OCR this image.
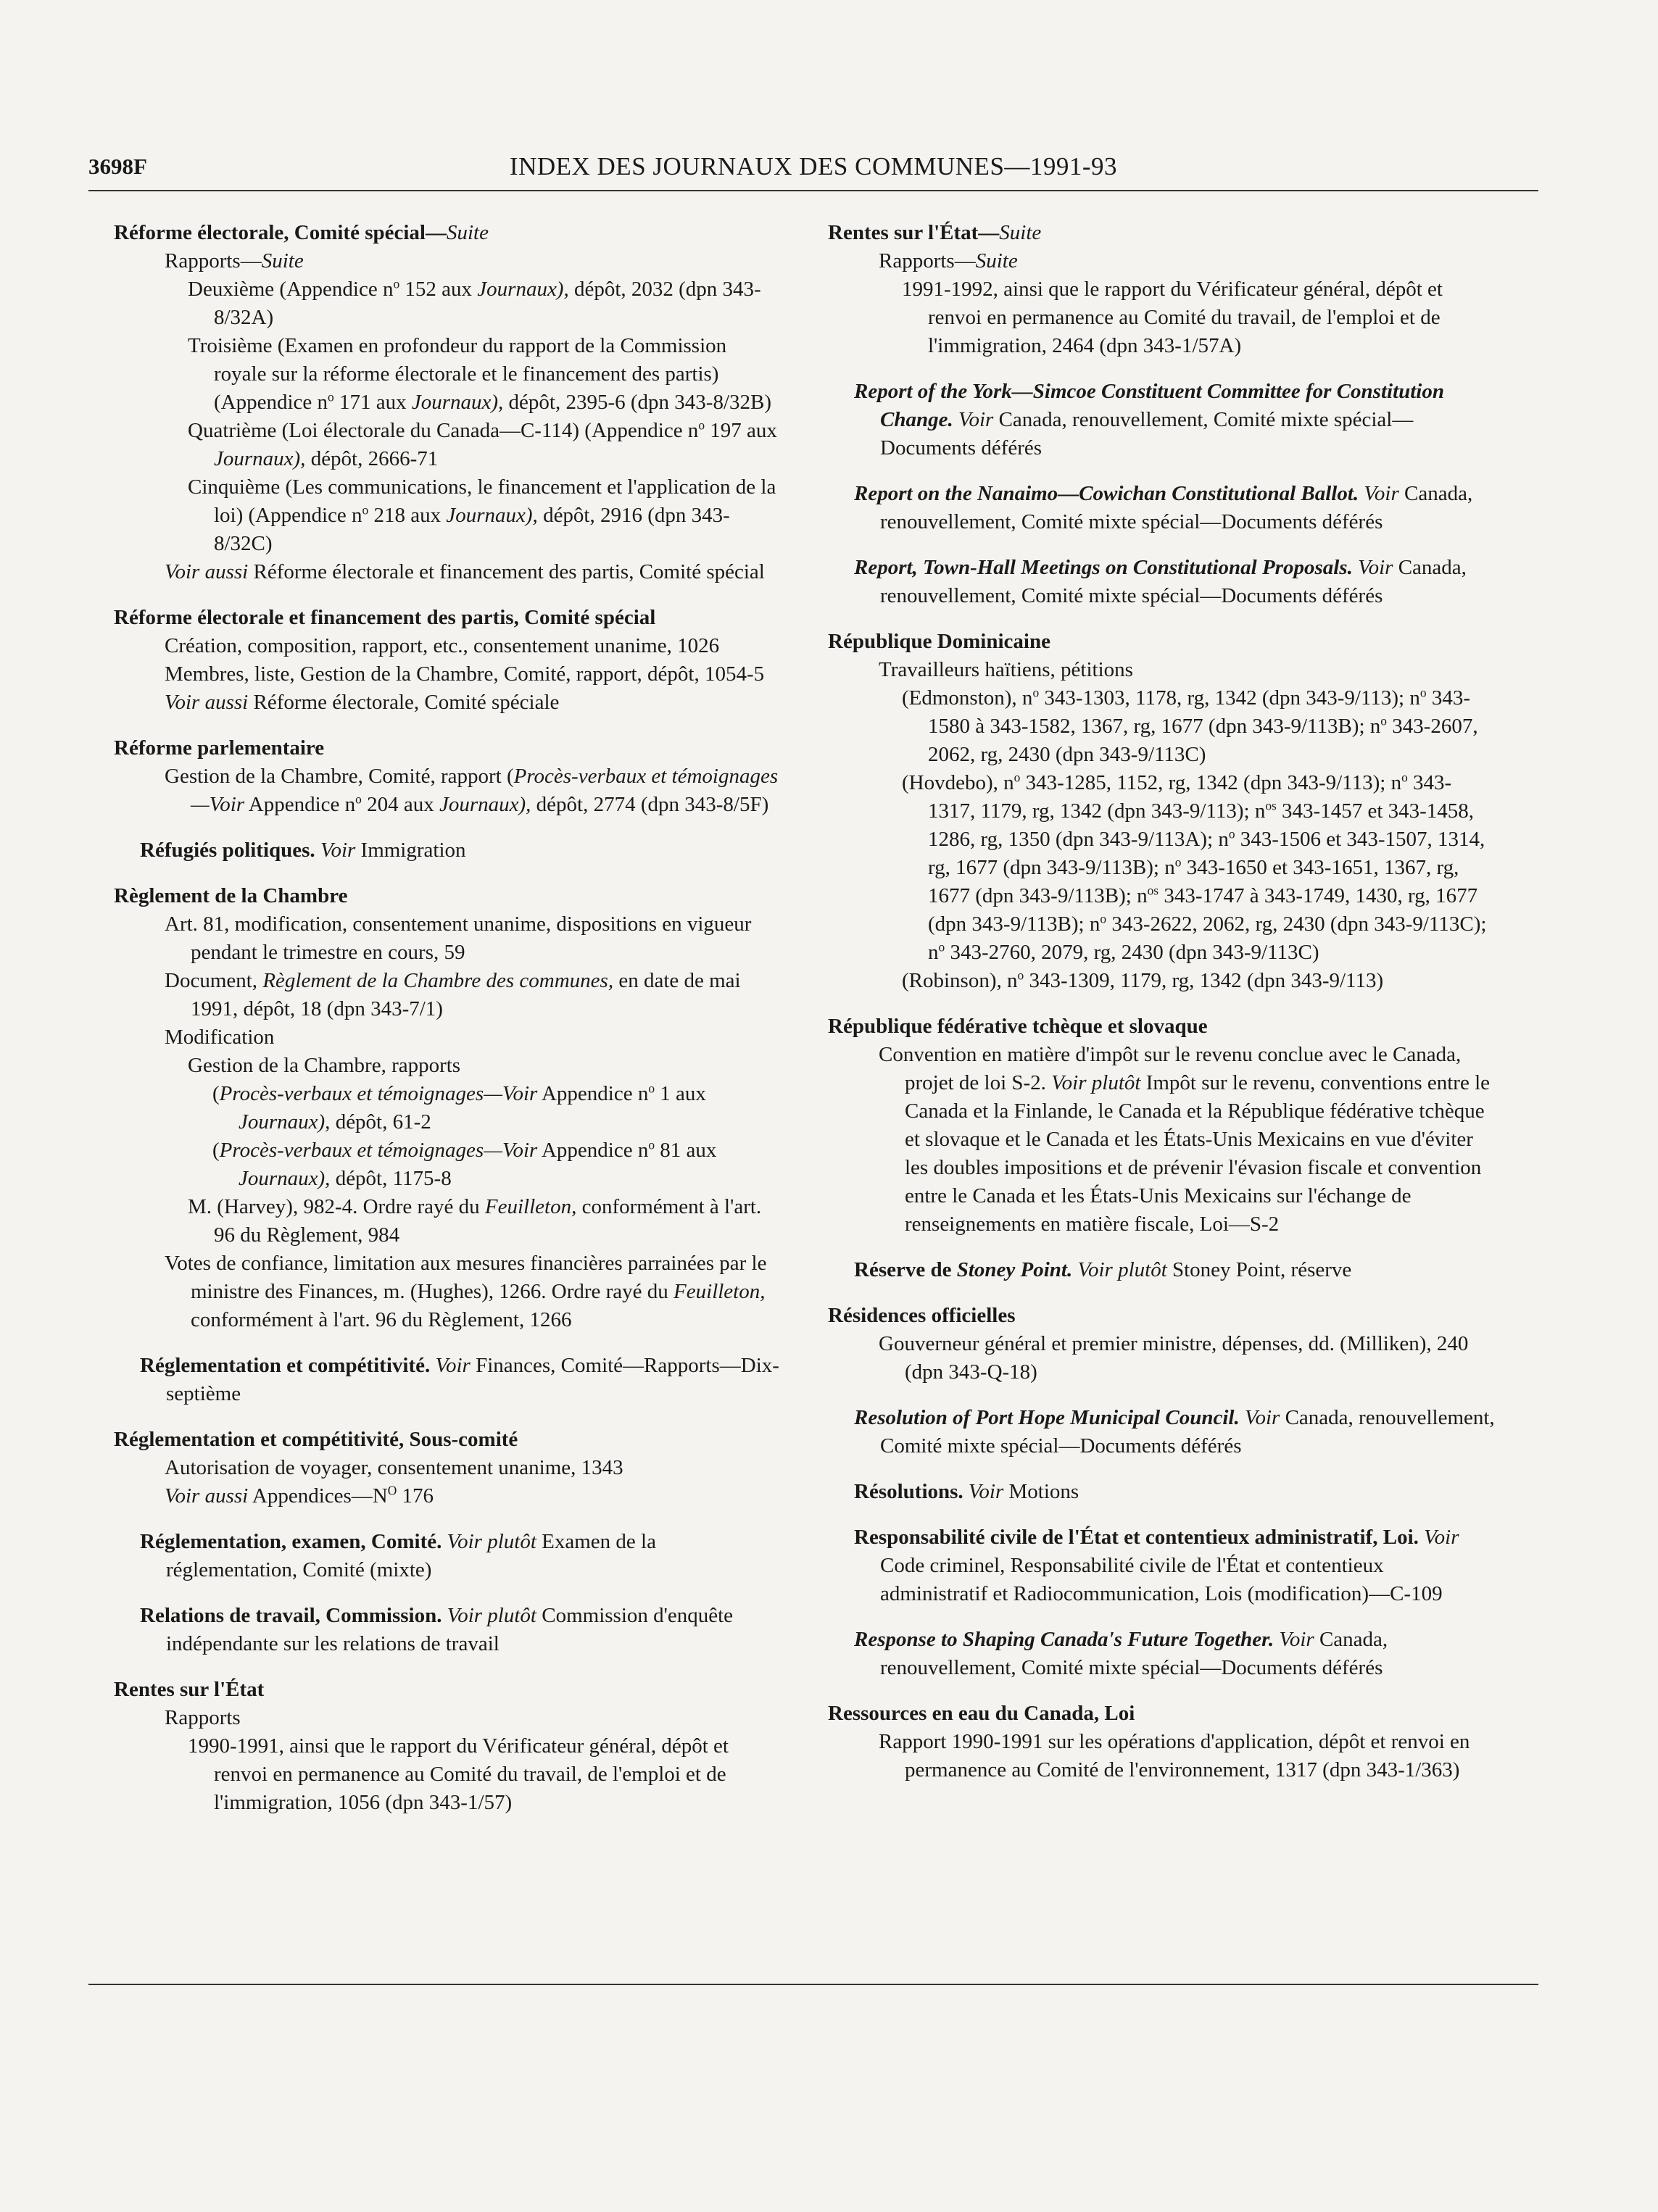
3698F	INDEX DES JOURNAUX DES COMMUNES—1991-93
Réforme électorale, Comité spécial—Suite
Rapports—Suite
Deuxième (Appendice $n^o$ 152 aux Journaux), dépôt, 2032 (dpn 343-8/32A)
Troisième (Examen en profondeur du rapport de la Commission royale sur la réforme électorale et le financement des partis) (Appendice $n^o$ 171 aux Journaux), dépôt, 2395-6 (dpn 343-8/32B)
Quatrième (Loi électorale du Canada—C-114) (Appendice $n^o$ 197 aux Journaux), dépôt, 2666-71
Cinquième (Les communications, le financement et l'application de la loi) (Appendice $n^o$ 218 aux Journaux), dépôt, 2916 (dpn 343-8/32C)
Voir aussi Réforme électorale et financement des partis, Comité spécial
Réforme électorale et financement des partis, Comité spécial
Création, composition, rapport, etc., consentement unanime, 1026
Membres, liste, Gestion de la Chambre, Comité, rapport, dépôt, 1054-5
Voir aussi Réforme électorale, Comité spéciale
Réforme parlementaire
Gestion de la Chambre, Comité, rapport (Procès-verbaux et témoignages—Voir Appendice $n^o$ 204 aux Journaux), dépôt, 2774 (dpn 343-8/5F)
Réfugiés politiques. Voir Immigration
Règlement de la Chambre
Art. 81, modification, consentement unanime, dispositions en vigueur pendant le trimestre en cours, 59
Document, Règlement de la Chambre des communes, en date de mai 1991, dépôt, 18 (dpn 343-7/1)
Modification
Gestion de la Chambre, rapports
(Procès-verbaux et témoignages—Voir Appendice $n^o$ 1 aux Journaux), dépôt, 61-2
(Procès-verbaux et témoignages—Voir Appendice $n^o$ 81 aux Journaux), dépôt, 1175-8
M. (Harvey), 982-4. Ordre rayé du Feuilleton, conformément à l'art. 96 du Règlement, 984
Votes de confiance, limitation aux mesures financières parrainées par le ministre des Finances, m. (Hughes), 1266. Ordre rayé du Feuilleton, conformément à l'art. 96 du Règlement, 1266
Réglementation et compétitivité. Voir Finances, Comité—Rapports—Dix-septième
Réglementation et compétitivité, Sous-comité
Autorisation de voyager, consentement unanime, 1343
Voir aussi $Appendices—N^O$ 176
Réglementation, examen, Comité. Voir plutôt Examen de la réglementation, Comité (mixte)
Relations de travail, Commission. Voir plutôt Commission d'enquête indépendante sur les relations de travail
Rentes sur l'État
Rapports
1990-1991, ainsi que le rapport du Vérificateur général, dépôt et renvoi en permanence au Comité du travail, de l'emploi et de l'immigration, 1056 (dpn 343-1/57)
Rentes sur l'État—Suite
Rapports—Suite
1991-1992, ainsi que le rapport du Vérificateur général, dépôt et renvoi en permanence au Comité du travail, de l'emploi et de l'immigration, 2464 (dpn 343-1/57A)
Report of the York—Simcoe Constituent Committee for Constitution Change. Voir Canada, renouvellement, Comité mixte spécial—Documents déférés
Report on the Nanaimo—Cowichan Constitutional Ballot. Voir Canada, renouvellement, Comité mixte spécial—Documents déférés
Report, Town-Hall Meetings on Constitutional Proposals. Voir Canada, renouvellement, Comité mixte spécial—Documents déférés
République Dominicaine
Travailleurs haïtiens, pétitions
(Edmonston), $n^o$ 343-1303, 1178, rg, 1342 (dpn 343-9/113); $n^o$ 343-1580 à 343-1582, 1367, rg, 1677 (dpn 343-9/113B); $n^o$ 343-2607, 2062, rg, 2430 (dpn 343-9/113C)
(Hovdebo), $n^o$ 343-1285, 1152, rg, 1342 (dpn 343-9/113); $n^o$ 343-1317, 1179, rg, 1342 (dpn 343-9/113); $n^{os}$ 343-1457 et 343-1458, 1286, rg, 1350 (dpn 343-9/113A); $n^o$ 343-1506 et 343-1507, 1314, rg, 1677 (dpn 343-9/113B); $n^o$ 343-1650 et 343-1651, 1367, rg, 1677 (dpn 343-9/113B); $n^{os}$ 343-1747 à 343-1749, 1430, rg, 1677 (dpn 343-9/113B); $n^o$ 343-2622, 2062, rg, 2430 (dpn 343-9/113C); $n^o$ 343-2760, 2079, rg, 2430 (dpn 343-9/113C)
(Robinson), $n^o$ 343-1309, 1179, rg, 1342 (dpn 343-9/113)
République fédérative tchèque et slovaque
Convention en matière d'impôt sur le revenu conclue avec le Canada, projet de loi S-2. Voir plutôt Impôt sur le revenu, conventions entre le Canada et la Finlande, le Canada et la République fédérative tchèque et slovaque et le Canada et les États-Unis Mexicains en vue d'éviter les doubles impositions et de prévenir l'évasion fiscale et convention entre le Canada et les États-Unis Mexicains sur l'échange de renseignements en matière fiscale, Loi—S-2
Réserve de Stoney Point. Voir plutôt Stoney Point, réserve
Résidences officielles
Gouverneur général et premier ministre, dépenses, dd. (Milliken), 240 (dpn 343-Q-18)
Resolution of Port Hope Municipal Council. Voir Canada, renouvellement, Comité mixte spécial—Documents déférés
Résolutions. Voir Motions
Responsabilité civile de l'État et contentieux administratif, Loi. Voir Code criminel, Responsabilité civile de l'État et contentieux administratif et Radiocommunication, Lois (modification)—C-109
Response to Shaping Canada's Future Together. Voir Canada, renouvellement, Comité mixte spécial—Documents déférés
Ressources en eau du Canada, Loi
Rapport 1990-1991 sur les opérations d'application, dépôt et renvoi en permanence au Comité de l'environnement, 1317 (dpn 343-1/363)
